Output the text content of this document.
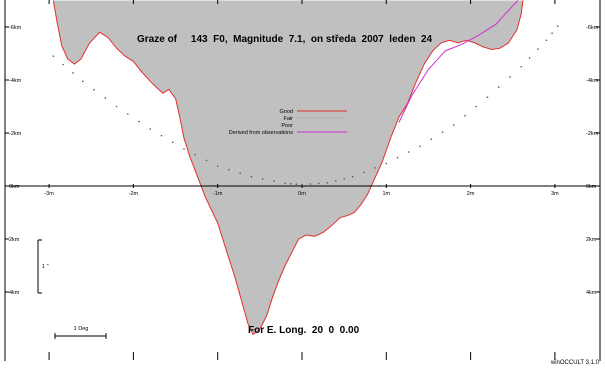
-6km	-6km
-4km	-4km
-2km	-2km
0km	0km
2km	2km
4km	4km
-3m	-2m	-1m	0m	1m	2m	3m
Good
Fair
Poor
Derived from observations
1 "
1 Deg
Graze of     143  F0,  Magnitude  7.1,  on středa  2007  leden  24
For E. Long.  20  0  0.00
winOCCULT 3.1.0
